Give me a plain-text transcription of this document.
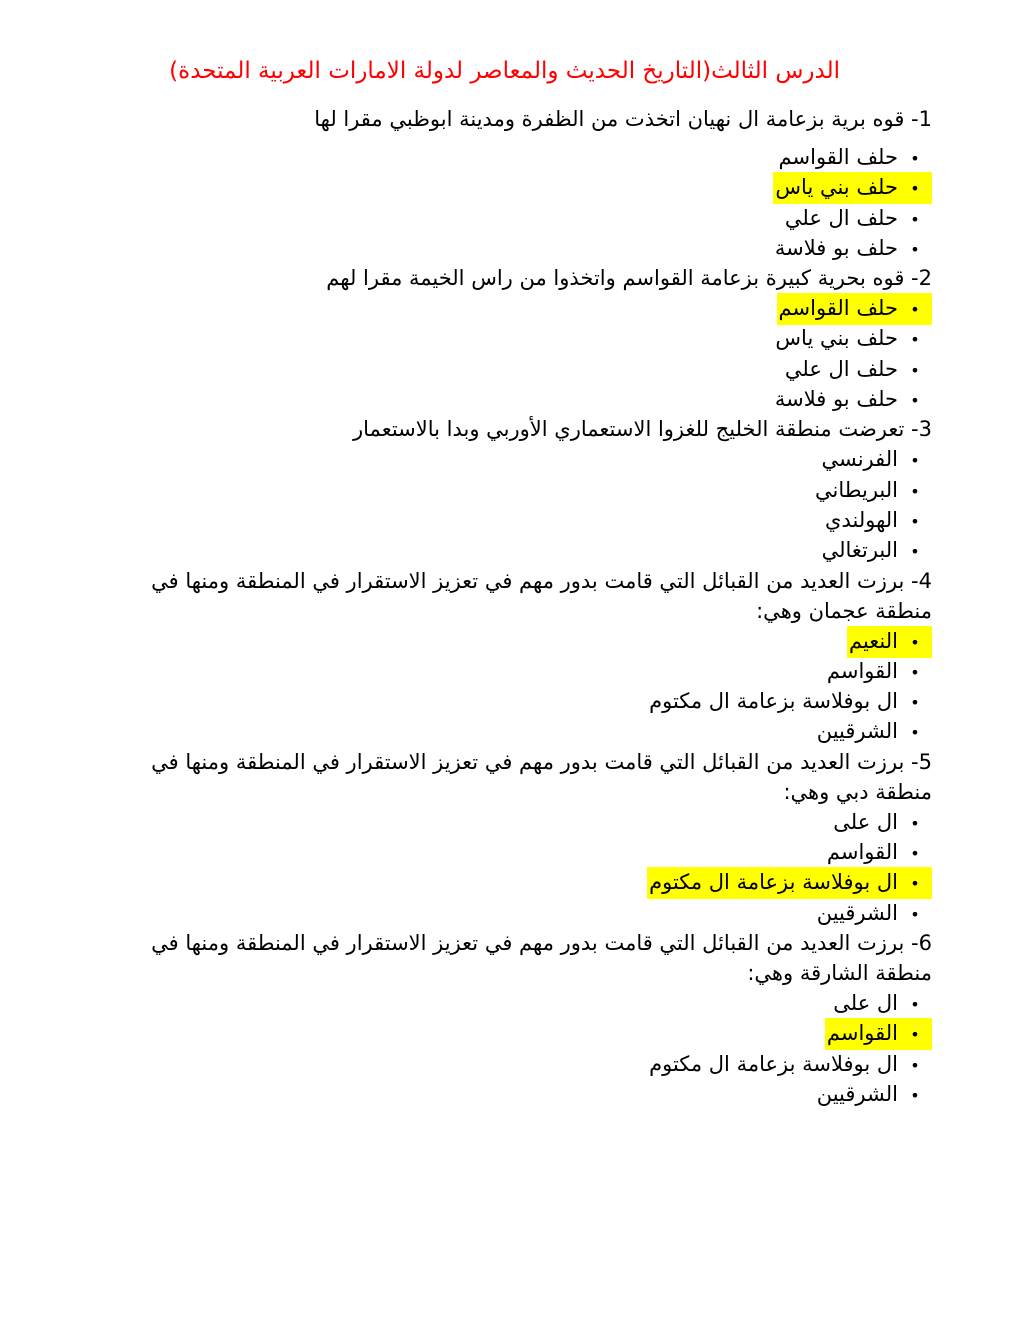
الدرس الثالث(التاريخ الحديث والمعاصر لدولة الامارات العربية المتحدة)

1- قوه برية بزعامة ال نهيان اتخذت من الظفرة ومدينة ابوظبي مقرا لها

•حلف القواسم
•حلف بني ياس
•حلف ال علي
•حلف بو فلاسة

2- قوه بحرية كبيرة بزعامة القواسم واتخذوا من راس الخيمة مقرا لهم

•حلف القواسم
•حلف بني ياس
•حلف ال علي
•حلف بو فلاسة

3- تعرضت منطقة الخليج للغزوا الاستعماري الأوربي وبدا بالاستعمار

•الفرنسي
•البريطاني
•الهولندي
•البرتغالي

4- برزت العديد من القبائل التي قامت بدور مهم في تعزيز الاستقرار في المنطقة ومنها في منطقة عجمان وهي:

•النعيم
•القواسم
•ال بوفلاسة بزعامة ال مكتوم
•الشرقيين

5- برزت العديد من القبائل التي قامت بدور مهم في تعزيز الاستقرار في المنطقة ومنها في منطقة دبي وهي:

•ال على
•القواسم
•ال بوفلاسة بزعامة ال مكتوم
•الشرقيين

6- برزت العديد من القبائل التي قامت بدور مهم في تعزيز الاستقرار في المنطقة ومنها في منطقة الشارقة وهي:

•ال على
•القواسم
•ال بوفلاسة بزعامة ال مكتوم
•الشرقيين
